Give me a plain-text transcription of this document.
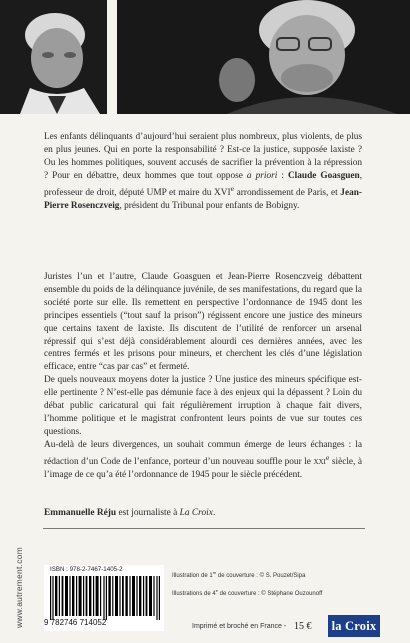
Les enfants délinquants d’aujourd’hui seraient plus nombreux, plus violents, de plus en plus jeunes. Qui en porte la responsabilité ? Est-ce la justice, supposée laxiste ? Ou les hommes politiques, souvent accusés de sacrifier la prévention à la répression ? Pour en débattre, deux hommes que tout oppose a priori : Claude Goasguen, professeur de droit, député UMP et maire du XVIe arrondissement de Paris, et Jean-Pierre Rosenczveig, président du Tribunal pour enfants de Bobigny.

Juristes l’un et l’autre, Claude Goasguen et Jean-Pierre Rosenczveig débattent ensemble du poids de la délinquance juvénile, de ses manifestations, du regard que la société porte sur elle. Ils remettent en perspective l’ordonnance de 1945 dont les principes essentiels (“tout sauf la prison”) régissent encore une justice des mineurs que certains taxent de laxiste. Ils discutent de l’utilité de renforcer un arsenal répressif qui s’est déjà considérablement alourdi ces dernières années, avec les centres fermés et les prisons pour mineurs, et cherchent les clés d’une législation efficace, entre “cas par cas” et fermeté.

De quels nouveaux moyens doter la justice ? Une justice des mineurs spécifique est-elle pertinente ? N’est-elle pas démunie face à des enjeux qui la dépassent ? Loin du débat public caricatural qui fait régulièrement irruption à chaque fait divers, l’homme politique et le magistrat confrontent leurs points de vue sur toutes ces questions.

Au-delà de leurs divergences, un souhait commun émerge de leurs échanges : la rédaction d’un Code de l’enfance, porteur d’un nouveau souffle pour le xxi$^e$ siècle, à l’image de ce qu’a été l’ordonnance de 1945 pour le siècle précédent.

Emmanuelle Réju est journaliste à La Croix.
www.autrement.com	ISBN : 978-2-7467-1405-2
9 782746 714052
Illustration de 1re de couverture : © S. Pouzet/Sipa
Illustrations de 4e de couverture : © Stéphane Ouzounoff
Imprimé et broché en France - 15 € la Croix
